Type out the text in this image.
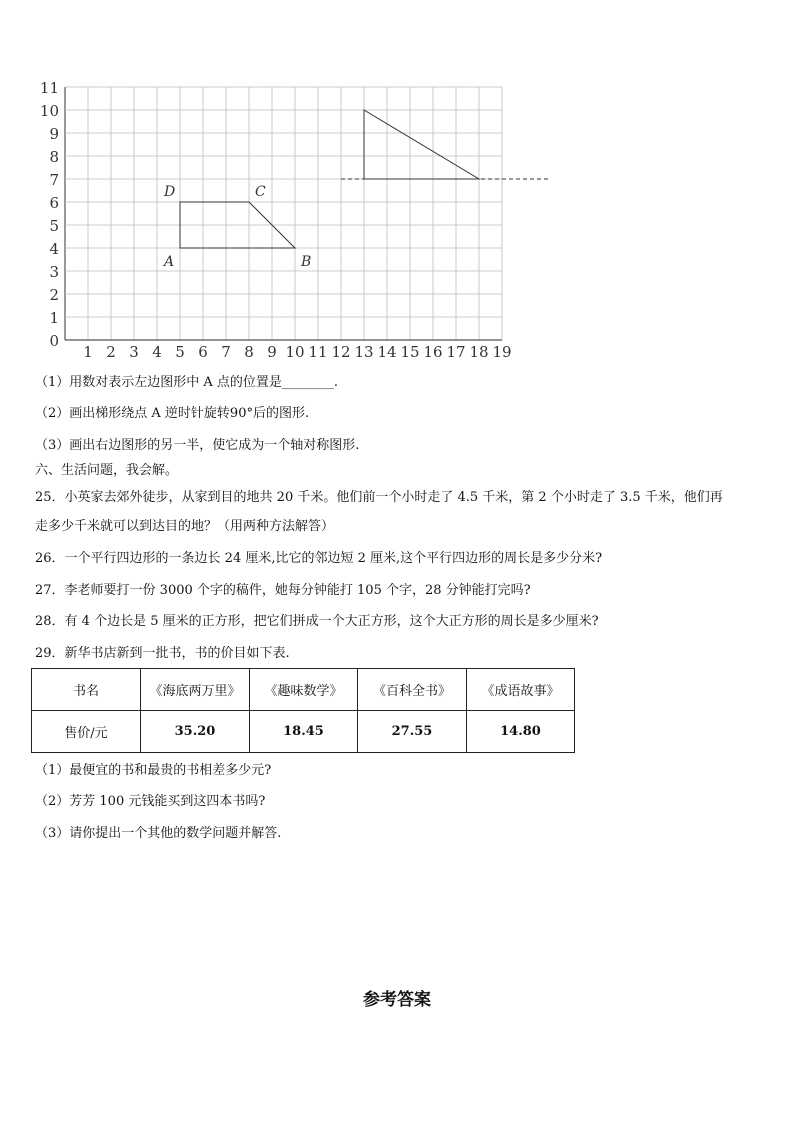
1 2 3 4 5 6 7 8 9 10 11 12 13 14 15 16 17 18 19
0
1
2
3
4
5
6
7
8
9
10
11
A	B
C
D
（1）用数对表示左边图形中 A 点的位置是________.
（2）画出梯形绕点 A 逆时针旋转90°后的图形.
（3）画出右边图形的另一半，使它成为一个轴对称图形.
六、生活问题，我会解。
25．小英家去郊外徒步，从家到目的地共 20 千米。他们前一个小时走了 4.5 千米，第 2 个小时走了 3.5 千米，他们再
走多少千米就可以到达目的地？（用两种方法解答）
26．一个平行四边形的一条边长 24 厘米,比它的邻边短 2 厘米,这个平行四边形的周长是多少分米?
27．李老师要打一份 3000 个字的稿件，她每分钟能打 105 个字，28 分钟能打完吗?
28．有 4 个边长是 5 厘米的正方形，把它们拼成一个大正方形，这个大正方形的周长是多少厘米?
29．新华书店新到一批书，书的价目如下表.
书名	《海底两万里》	《趣味数学》	《百科全书》	《成语故事》
售价/元	35.20	18.45	27.55	14.80
（1）最便宜的书和最贵的书相差多少元?
（2）芳芳 100 元钱能买到这四本书吗?
（3）请你提出一个其他的数学问题并解答.
参考答案
